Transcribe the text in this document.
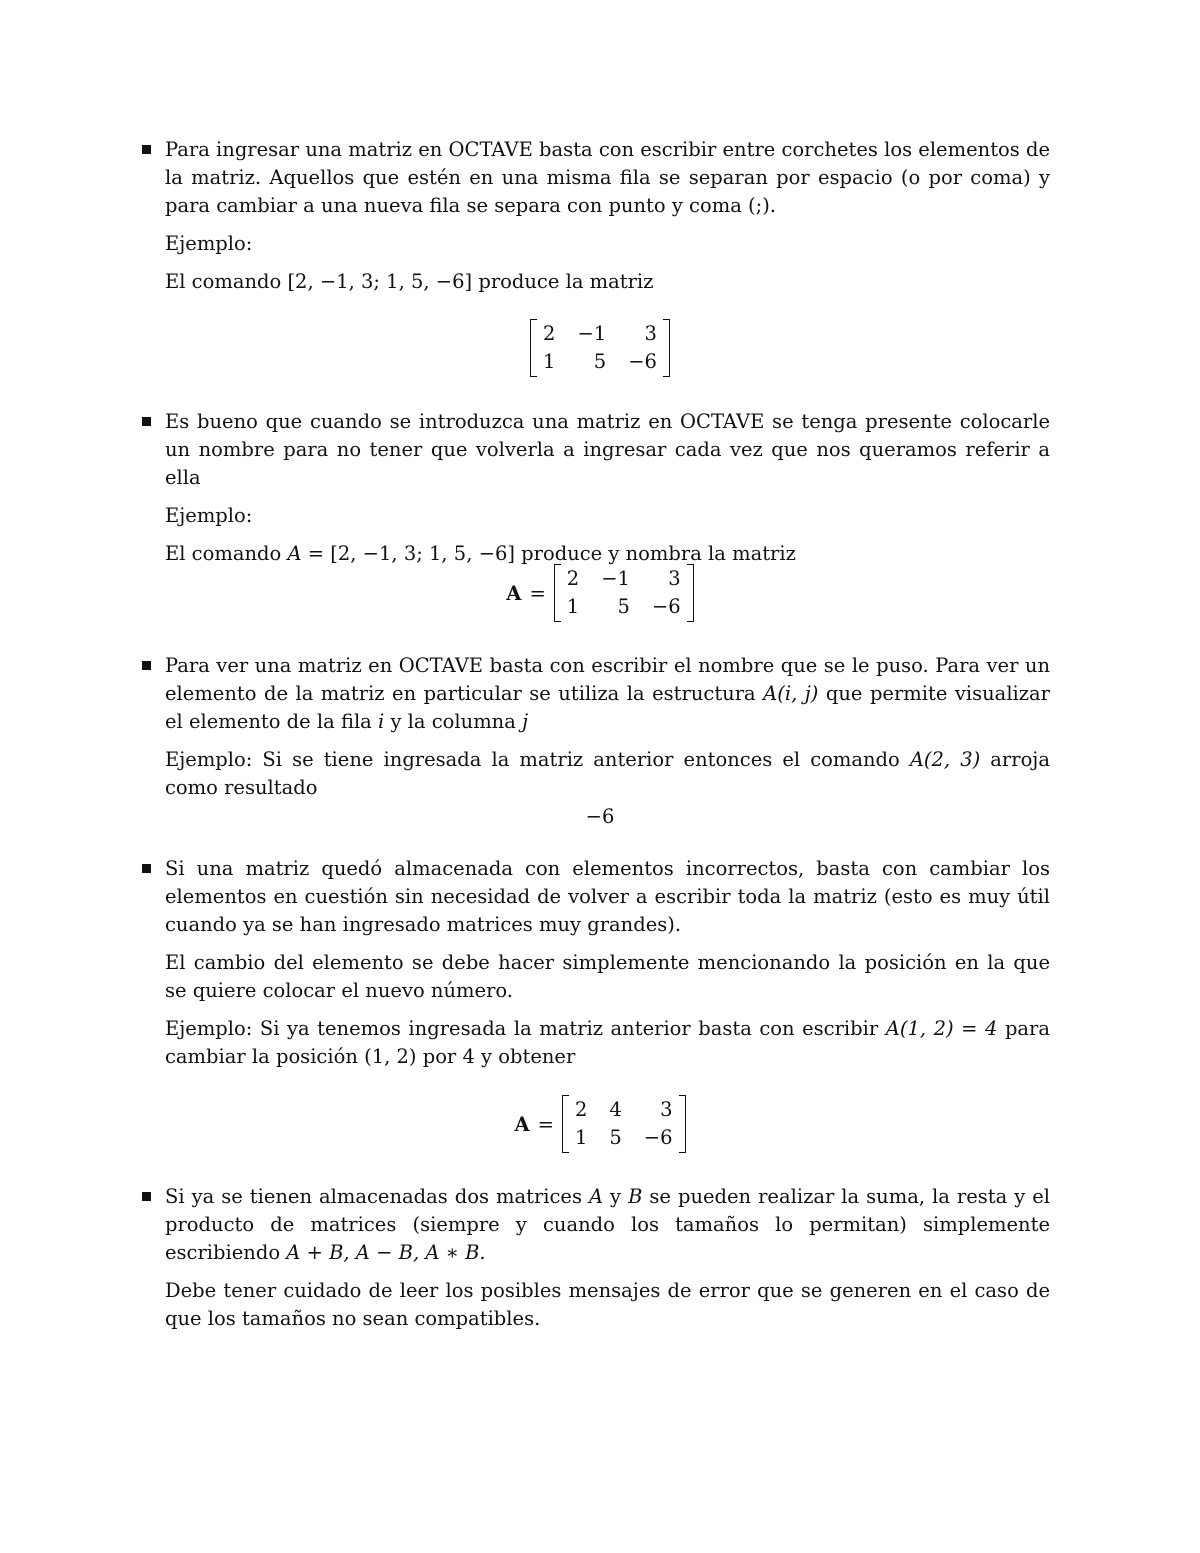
Para ingresar una matriz en OCTAVE basta con escribir entre corchetes los elementos de la matriz. Aquellos que estén en una misma fila se separan por espacio (o por coma) y para cambiar a una nueva fila se separa con punto y coma (;).

Ejemplo:

El comando [2, −1, 3; 1, 5, −6] produce la matriz

2 −1	3
1	5 −6

Es bueno que cuando se introduzca una matriz en OCTAVE se tenga presente colocarle un nombre para no tener que volverla a ingresar cada vez que nos queramos referir a ella

Ejemplo:

El comando A = [2, −1, 3; 1, 5, −6] produce y nombra la matriz

A =
2 −1	3
1	5 −6

Para ver una matriz en OCTAVE basta con escribir el nombre que se le puso. Para ver un elemento de la matriz en particular se utiliza la estructura A(i, j) que permite visualizar el elemento de la fila i y la columna j

Ejemplo: Si se tiene ingresada la matriz anterior entonces el comando A(2, 3) arroja como resultado

−6

Si una matriz quedó almacenada con elementos incorrectos, basta con cambiar los elementos en cuestión sin necesidad de volver a escribir toda la matriz (esto es muy útil cuando ya se han ingresado matrices muy grandes).

El cambio del elemento se debe hacer simplemente mencionando la posición en la que se quiere colocar el nuevo número.

Ejemplo: Si ya tenemos ingresada la matriz anterior basta con escribir A(1, 2) = 4 para cambiar la posición (1, 2) por 4 y obtener

A =
2 4	3
1 5 −6

Si ya se tienen almacenadas dos matrices A y B se pueden realizar la suma, la resta y el producto de matrices (siempre y cuando los tamaños lo permitan) simplemente escribiendo A + B, A − B, A ∗ B.

Debe tener cuidado de leer los posibles mensajes de error que se generen en el caso de que los tamaños no sean compatibles.
